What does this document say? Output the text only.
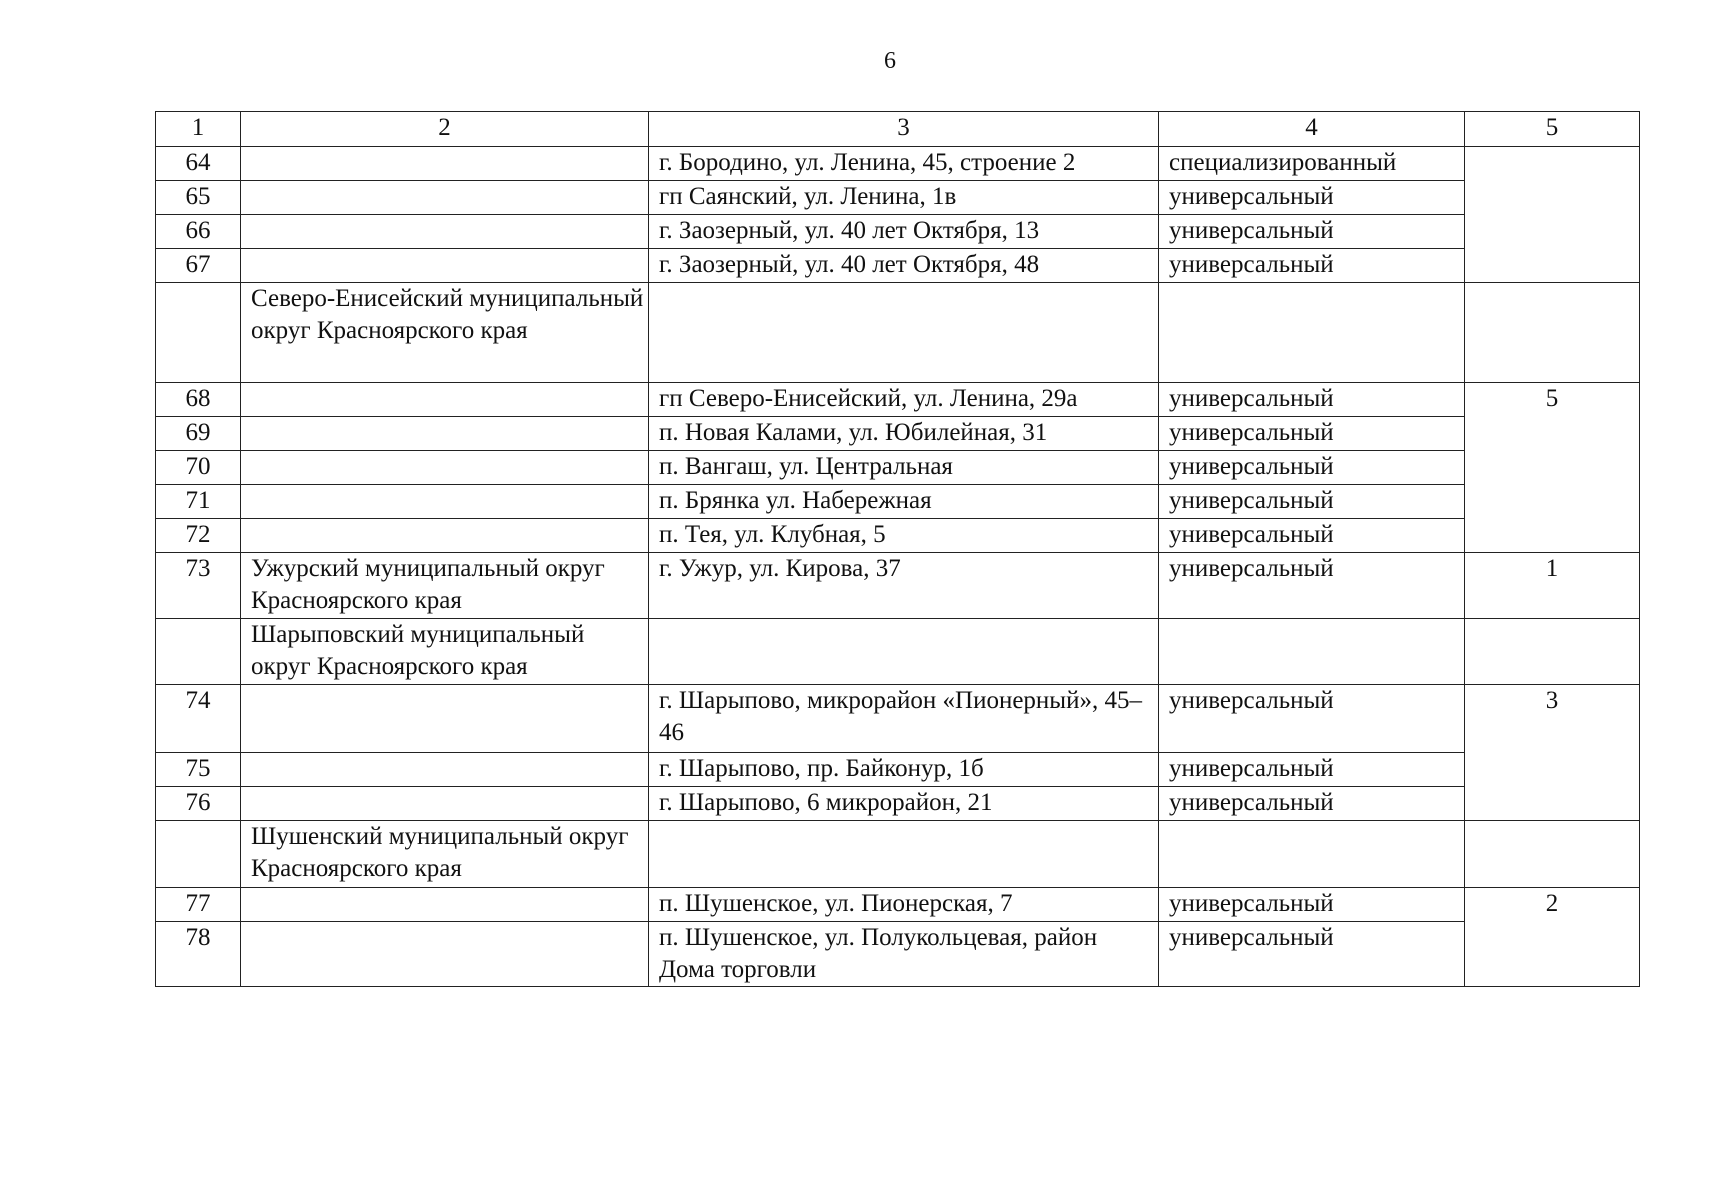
6
1	2	3	4	5
64		г. Бородино, ул. Ленина, 45, строение 2	специализированный	
65		гп Саянский, ул. Ленина, 1в	универсальный	
66		г. Заозерный, ул. 40 лет Октября, 13	универсальный	
67		г. Заозерный, ул. 40 лет Октября, 48	универсальный	
	Северо-Енисейский муниципальный округ Красноярского края			
68		гп Северо-Енисейский, ул. Ленина, 29а	универсальный	5
69		п. Новая Калами, ул. Юбилейная, 31	универсальный	
70		п. Вангаш, ул. Центральная	универсальный	
71		п. Брянка ул. Набережная	универсальный	
72		п. Тея, ул. Клубная, 5	универсальный	
73	Ужурский муниципальный округ Красноярского края	г. Ужур, ул. Кирова, 37	универсальный	1
	Шарыповский муниципальный округ Красноярского края			
74		г. Шарыпово, микрорайон «Пионерный», 45–46	универсальный	3
75		г. Шарыпово, пр. Байконур, 1б	универсальный	
76		г. Шарыпово, 6 микрорайон, 21	универсальный	
	Шушенский муниципальный округ Красноярского края			
77		п. Шушенское, ул. Пионерская, 7	универсальный	2
78		п. Шушенское, ул. Полукольцевая, район Дома торговли	универсальный	
